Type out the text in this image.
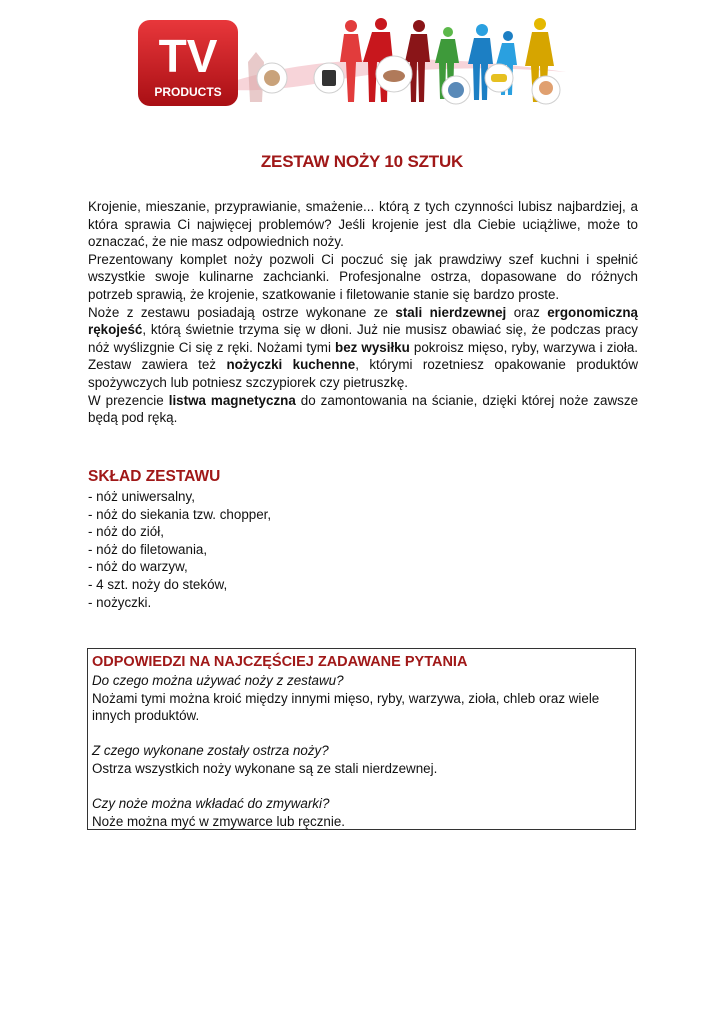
TV
PRODUCTS
ZESTAW NOŻY 10 SZTUK

Krojenie, mieszanie, przyprawianie, smażenie... którą z tych czynności lubisz najbardziej, a która sprawia Ci najwięcej problemów? Jeśli krojenie jest dla Ciebie uciążliwe, może to oznaczać, że nie masz odpowiednich noży.

Prezentowany komplet noży pozwoli Ci poczuć się jak prawdziwy szef kuchni i spełnić wszystkie swoje kulinarne zachcianki. Profesjonalne ostrza, dopasowane do różnych potrzeb sprawią, że krojenie, szatkowanie i filetowanie stanie się bardzo proste.

Noże z zestawu posiadają ostrze wykonane ze stali nierdzewnej oraz ergonomiczną rękojeść, którą świetnie trzyma się w dłoni. Już nie musisz obawiać się, że podczas pracy nóż wyślizgnie Ci się z ręki. Nożami tymi bez wysiłku pokroisz mięso, ryby, warzywa i zioła. Zestaw zawiera też nożyczki kuchenne, którymi rozetniesz opakowanie produktów spożywczych lub potniesz szczypiorek czy pietruszkę.

W prezencie listwa magnetyczna do zamontowania na ścianie, dzięki której noże zawsze będą pod ręką.

SKŁAD ZESTAWU
- nóż uniwersalny,
- nóż do siekania tzw. chopper,
- nóż do ziół,
- nóż do filetowania,
- nóż do warzyw,
- 4 szt. noży do steków,
- nożyczki.
ODPOWIEDZI NA NAJCZĘŚCIEJ ZADAWANE PYTANIA
Do czego można używać noży z zestawu?
Nożami tymi można kroić między innymi mięso, ryby, warzywa, zioła, chleb oraz wiele innych produktów.
Z czego wykonane zostały ostrza noży?
Ostrza wszystkich noży wykonane są ze stali nierdzewnej.
Czy noże można wkładać do zmywarki?
Noże można myć w zmywarce lub ręcznie.
